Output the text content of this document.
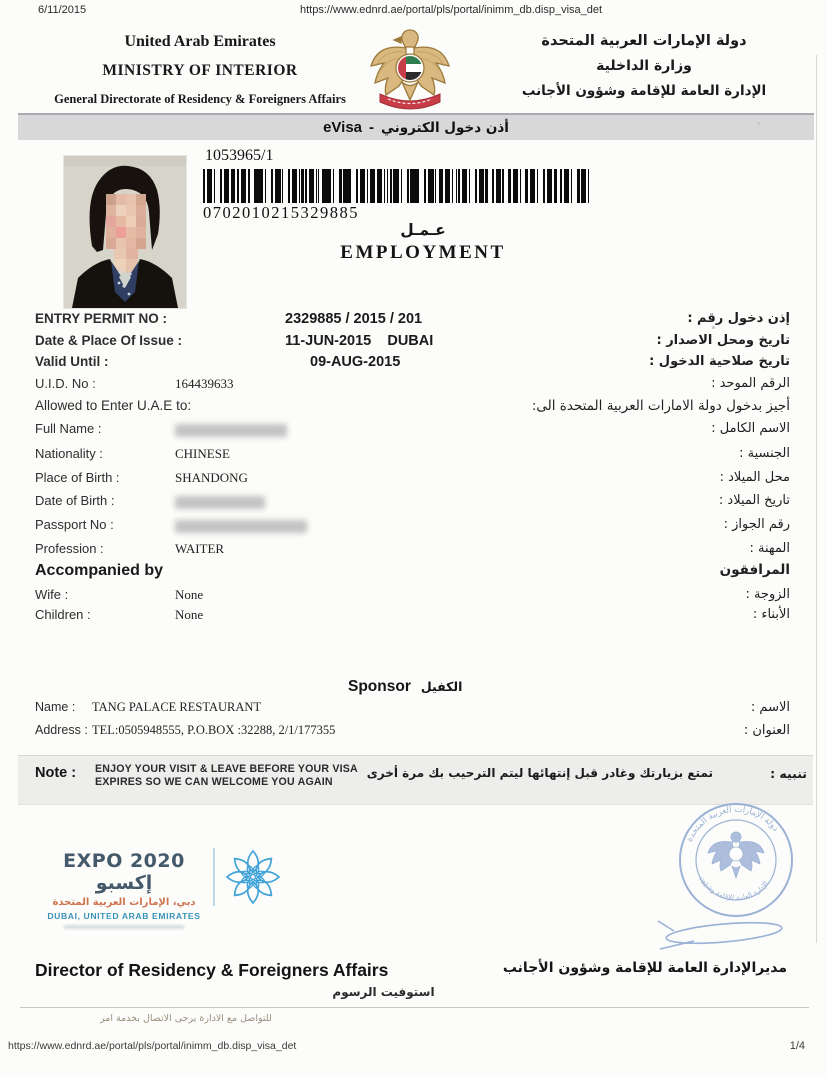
6/11/2015	https://www.ednrd.ae/portal/pls/portal/inimm_db.disp_visa_det
United Arab Emirates
MINISTRY OF INTERIOR
General Directorate of Residency & Foreigners Affairs
دولة الإمارات العربية المتحدة
وزارة الداخلية
الإدارة العامة للإقامة وشؤون الأجانب
eVisa - أذن دخول الكتروني
1053965/1
0702010215329885
عـمـل
EMPLOYMENT
ENTRY PERMIT NO :	2329885 / 2015 / 201	إذن دخول رقم :
Date & Place Of Issue :	11-JUN-2015    DUBAI	تاريخ ومحل الاصدار :
Valid Until :	09-AUG-2015	تاريخ صلاحية الدخول :
U.I.D. No :	164439633	الرقم الموحد :
Allowed to Enter U.A.E to:	أجيز بدخول دولة الامارات العربية المتحدة الى:
Full Name :	الاسم الكامل :
Nationality :	CHINESE	الجنسية :
Place of Birth :	SHANDONG	محل الميلاد :
Date of Birth :	تاريخ الميلاد :
Passport No :	رقم الجواز :
Profession :	WAITER	المهنة :
Accompanied by	المرافقون
Wife :	None	الزوجة :
Children :	None	الأبناء :
Sponsor الكفيل
Name : TANG PALACE RESTAURANT	الاسم :
Address : TEL:0505948555, P.O.BOX :32288, 2/1/177355	العنوان :
Note : ENJOY YOUR VISIT & LEAVE BEFORE YOUR VISA
EXPIRES SO WE CAN WELCOME YOU AGAIN
تمتع بزيارتك وغادر قبل إنتهائها ليتم الترحيب بك مرة أخرى	تنبيه :
EXPO 2020 إكسبو
دبي، الإمارات العربية المتحدة
DUBAI, UNITED ARAB EMIRATES
دولة الإمارات العربية المتحدة
الإدارة العامة للإقامة وشؤون
Director of Residency & Foreigners Affairs	مديرالإدارة العامة للإقامة وشؤون الأجانب
استوفيت الرسوم
للتواصل مع الادارة يرجى الاتصال بخدمة امر
https://www.ednrd.ae/portal/pls/portal/inimm_db.disp_visa_det	1/4
